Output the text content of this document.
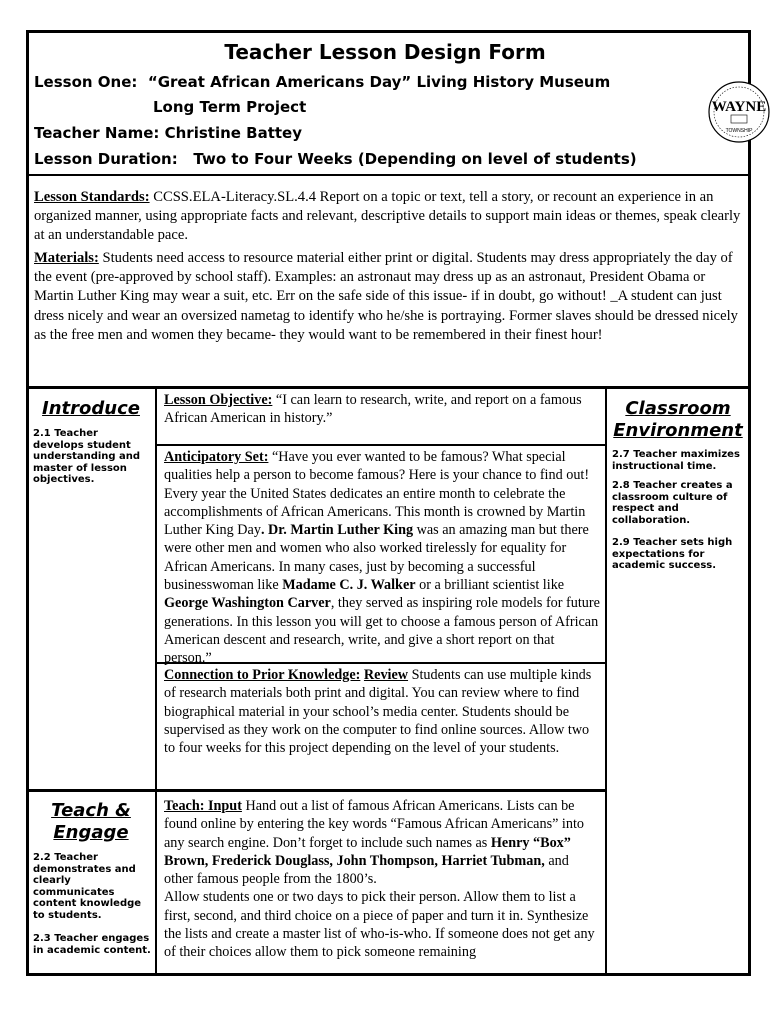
Teacher Lesson Design Form
Lesson One: “Great African Americans Day” Living History Museum
Long Term Project
Teacher Name: Christine Battey
Lesson Duration: Two to Four Weeks (Depending on level of students)
WAYNE
TOWNSHIP
Lesson Standards: CCSS.ELA-Literacy.SL.4.4 Report on a topic or text, tell a story, or recount an experience in an organized manner, using appropriate facts and relevant, descriptive details to support main ideas or themes, speak clearly at an understandable pace.
Materials: Students need access to resource material either print or digital. Students may dress appropriately the day of the event (pre-approved by school staff). Examples: an astronaut may dress up as an astronaut, President Obama or Martin Luther King may wear a suit, etc. Err on the safe side of this issue- if in doubt, go without! _A student can just dress nicely and wear an oversized nametag to identify who he/she is portraying. Former slaves should be dressed nicely as the free men and women they became- they would want to be remembered in their finest hour!
Introduce
2.1 Teacher develops student understanding and master of lesson objectives.
Classroom
Environment
2.7 Teacher maximizes instructional time.
2.8 Teacher creates a classroom culture of respect and collaboration.
2.9 Teacher sets high expectations for academic success.
Lesson Objective: “I can learn to research, write, and report on a famous African American in history.”
Anticipatory Set: “Have you ever wanted to be famous? What special qualities help a person to become famous? Here is your chance to find out! Every year the United States dedicates an entire month to celebrate the accomplishments of African Americans. This month is crowned by Martin Luther King Day. Dr. Martin Luther King was an amazing man but there were other men and women who also worked tirelessly for equality for African Americans. In many cases, just by becoming a successful businesswoman like Madame C. J. Walker or a brilliant scientist like George Washington Carver, they served as inspiring role models for future generations. In this lesson you will get to choose a famous person of African American descent and research, write, and give a short report on that person.”
Connection to Prior Knowledge: Review Students can use multiple kinds of research materials both print and digital. You can review where to find biographical material in your school’s media center. Students should be supervised as they work on the computer to find online sources. Allow two to four weeks for this project depending on the level of your students.
Teach &
Engage
2.2 Teacher demonstrates and clearly communicates content knowledge to students.
2.3 Teacher engages in academic content.
Teach: Input Hand out a list of famous African Americans. Lists can be found online by entering the key words “Famous African Americans” into any search engine. Don’t forget to include such names as Henry “Box” Brown, Frederick Douglass, John Thompson, Harriet Tubman, and other famous people from the 1800’s.
Allow students one or two days to pick their person. Allow them to list a first, second, and third choice on a piece of paper and turn it in. Synthesize the lists and create a master list of who-is-who. If someone does not get any of their choices allow them to pick someone remaining
